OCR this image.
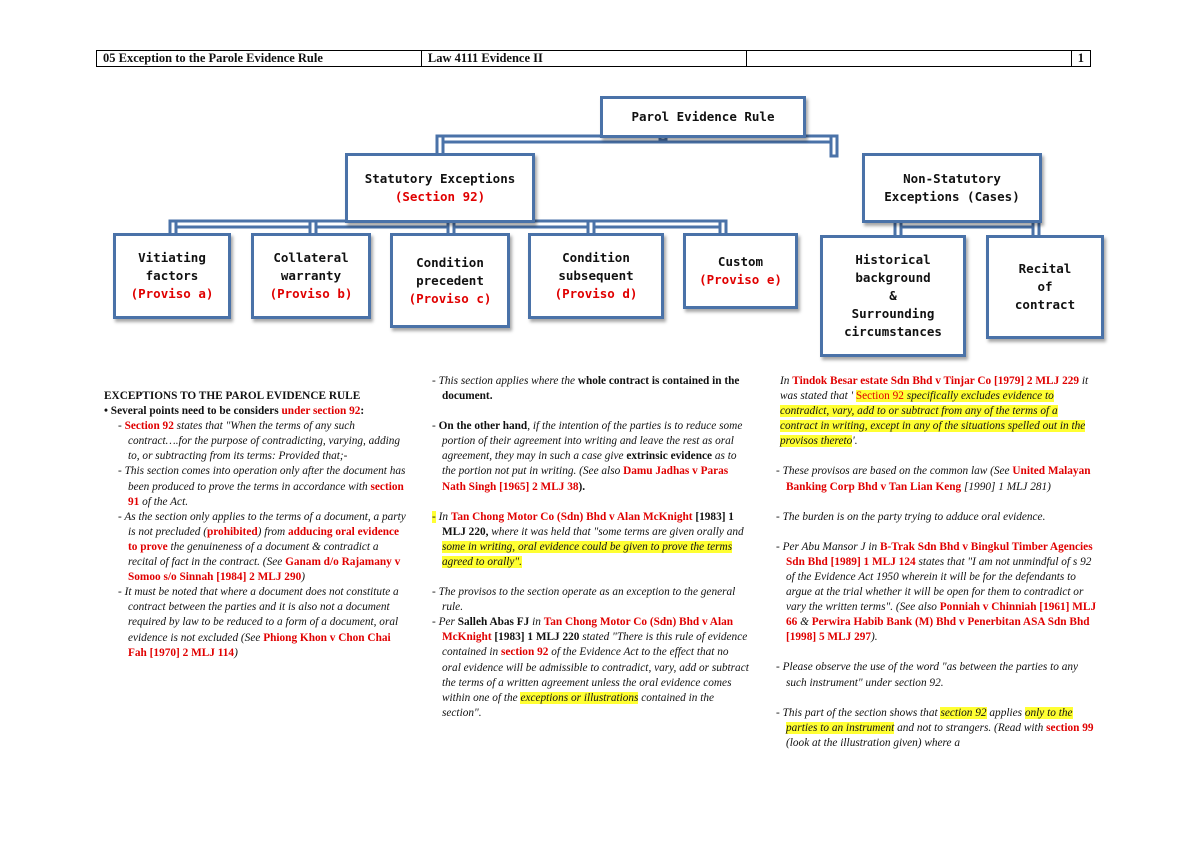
05 Exception to the Parole Evidence Rule	Law 4111 Evidence II	1
Parol Evidence Rule
Statutory Exceptions
(Section 92)
Non-Statutory
Exceptions (Cases)
Vitiating
factors
(Proviso a)
Collateral
warranty
(Proviso b)
Condition
precedent
(Proviso c)
Condition
subsequent
(Proviso d)
Custom
(Proviso e)
Historical
background
&
Surrounding
circumstances
Recital
of
contract

EXCEPTIONS TO THE PAROL EVIDENCE RULE

• Several points need to be considers under section 92:

- Section 92 states that "When the terms of any such contract….for the purpose of contradicting, varying, adding to, or subtracting from its terms: Provided that;-

- This section comes into operation only after the document has been produced to prove the terms in accordance with section 91 of the Act.

- As the section only applies to the terms of a document, a party is not precluded (prohibited) from adducing oral evidence to prove the genuineness of a document & contradict a recital of fact in the contract. (See Ganam d/o Rajamany v Somoo s/o Sinnah [1984] 2 MLJ 290)

- It must be noted that where a document does not constitute a contract between the parties and it is also not a document required by law to be reduced to a form of a document, oral evidence is not excluded (See Phiong Khon v Chon Chai Fah [1970] 2 MLJ 114)

- This section applies where the whole contract is contained in the document.

- On the other hand, if the intention of the parties is to reduce some portion of their agreement into writing and leave the rest as oral agreement, they may in such a case give extrinsic evidence as to the portion not put in writing. (See also Damu Jadhas v Paras Nath Singh [1965] 2 MLJ 38).

- In Tan Chong Motor Co (Sdn) Bhd v Alan McKnight [1983] 1 MLJ 220, where it was held that "some terms are given orally and some in writing, oral evidence could be given to prove the terms agreed to orally".

- The provisos to the section operate as an exception to the general rule.

- Per Salleh Abas FJ in Tan Chong Motor Co (Sdn) Bhd v Alan McKnight [1983] 1 MLJ 220 stated "There is this rule of evidence contained in section 92 of the Evidence Act to the effect that no oral evidence will be admissible to contradict, vary, add or subtract the terms of a written agreement unless the oral evidence comes within one of the exceptions or illustrations contained in the section".

In Tindok Besar estate Sdn Bhd v Tinjar Co [1979] 2 MLJ 229 it was stated that ' Section 92 specifically excludes evidence to contradict, vary, add to or subtract from any of the terms of a contract in writing, except in any of the situations spelled out in the provisos thereto'.

- These provisos are based on the common law (See United Malayan Banking Corp Bhd v Tan Lian Keng [1990] 1 MLJ 281)

- The burden is on the party trying to adduce oral evidence.

- Per Abu Mansor J in B-Trak Sdn Bhd v Bingkul Timber Agencies Sdn Bhd [1989] 1 MLJ 124 states that "I am not unmindful of s 92 of the Evidence Act 1950 wherein it will be for the defendants to argue at the trial whether it will be open for them to contradict or vary the written terms". (See also Ponniah v Chinniah [1961] MLJ 66 & Perwira Habib Bank (M) Bhd v Penerbitan ASA Sdn Bhd [1998] 5 MLJ 297).

- Please observe the use of the word "as between the parties to any such instrument" under section 92.

- This part of the section shows that section 92 applies only to the parties to an instrument and not to strangers. (Read with section 99 (look at the illustration given) where a
